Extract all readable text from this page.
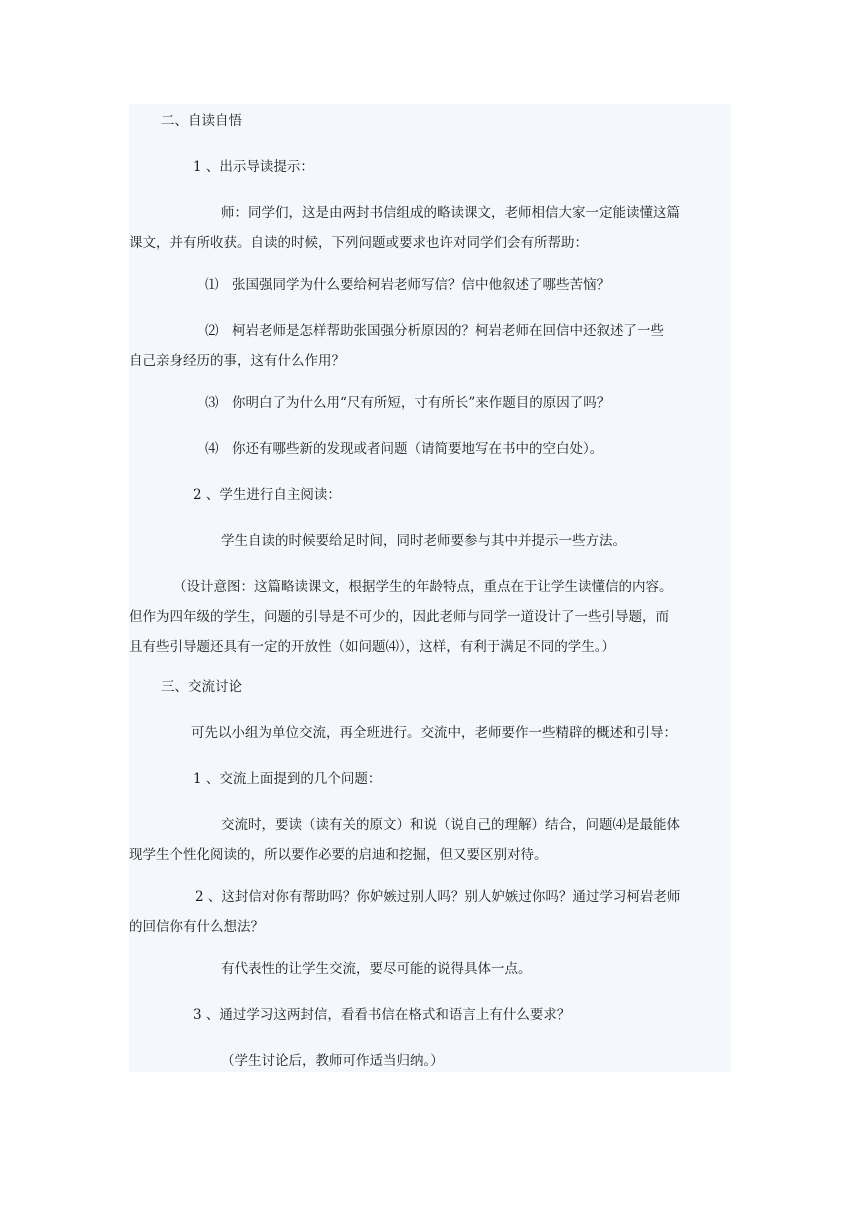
二、自读自悟

1 、出示导读提示：

师：同学们，这是由两封书信组成的略读课文，老师相信大家一定能读懂这篇
课文，并有所收获。自读的时候，下列问题或要求也许对同学们会有所帮助：

⑴　张国强同学为什么要给柯岩老师写信？信中他叙述了哪些苦恼？

⑵　柯岩老师是怎样帮助张国强分析原因的？柯岩老师在回信中还叙述了一些
自己亲身经历的事，这有什么作用？

⑶　你明白了为什么用“尺有所短，寸有所长”来作题目的原因了吗？

⑷　你还有哪些新的发现或者问题（请简要地写在书中的空白处）。

2 、学生进行自主阅读：

学生自读的时候要给足时间，同时老师要参与其中并提示一些方法。

（设计意图：这篇略读课文，根据学生的年龄特点，重点在于让学生读懂信的内容。
但作为四年级的学生，问题的引导是不可少的，因此老师与同学一道设计了一些引导题，而
且有些引导题还具有一定的开放性（如问题⑷），这样，有利于满足不同的学生。）

三、交流讨论

可先以小组为单位交流，再全班进行。交流中，老师要作一些精辟的概述和引导：

1 、交流上面提到的几个问题：

交流时，要读（读有关的原文）和说（说自己的理解）结合，问题⑷是最能体
现学生个性化阅读的，所以要作必要的启迪和挖掘，但又要区别对待。
2 、这封信对你有帮助吗？你妒嫉过别人吗？别人妒嫉过你吗？通过学习柯岩老师
的回信你有什么想法？

有代表性的让学生交流，要尽可能的说得具体一点。

3 、通过学习这两封信，看看书信在格式和语言上有什么要求？

（学生讨论后，教师可作适当归纳。）
